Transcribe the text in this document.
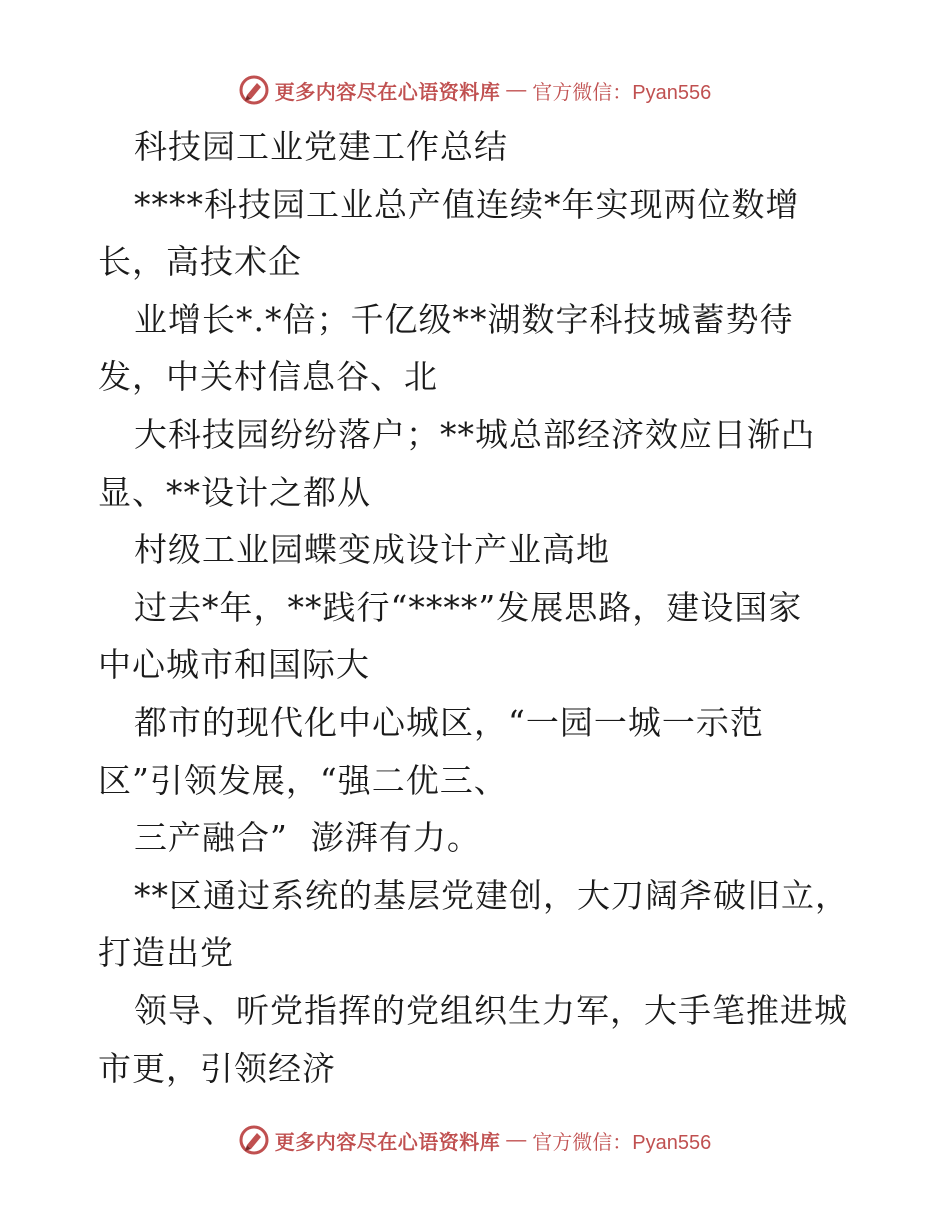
更多内容尽在心语资料库 — 官方微信：Pyan556
科技园工业党建工作总结
****科技园工业总产值连续*年实现两位数增
长，高技术企
业增长*.*倍；千亿级**湖数字科技城蓄势待
发，中关村信息谷、北
大科技园纷纷落户；**城总部经济效应日渐凸
显、**设计之都从
村级工业园蝶变成设计产业高地
过去*年，**践行“****”发展思路，建设国家
中心城市和国际大
都市的现代化中心城区，“一园一城一示范
区”引领发展，“强二优三、
三产融合”  澎湃有力。
**区通过系统的基层党建创，大刀阔斧破旧立，
打造出党
领导、听党指挥的党组织生力军，大手笔推进城
市更，引领经济
更多内容尽在心语资料库 — 官方微信：Pyan556
